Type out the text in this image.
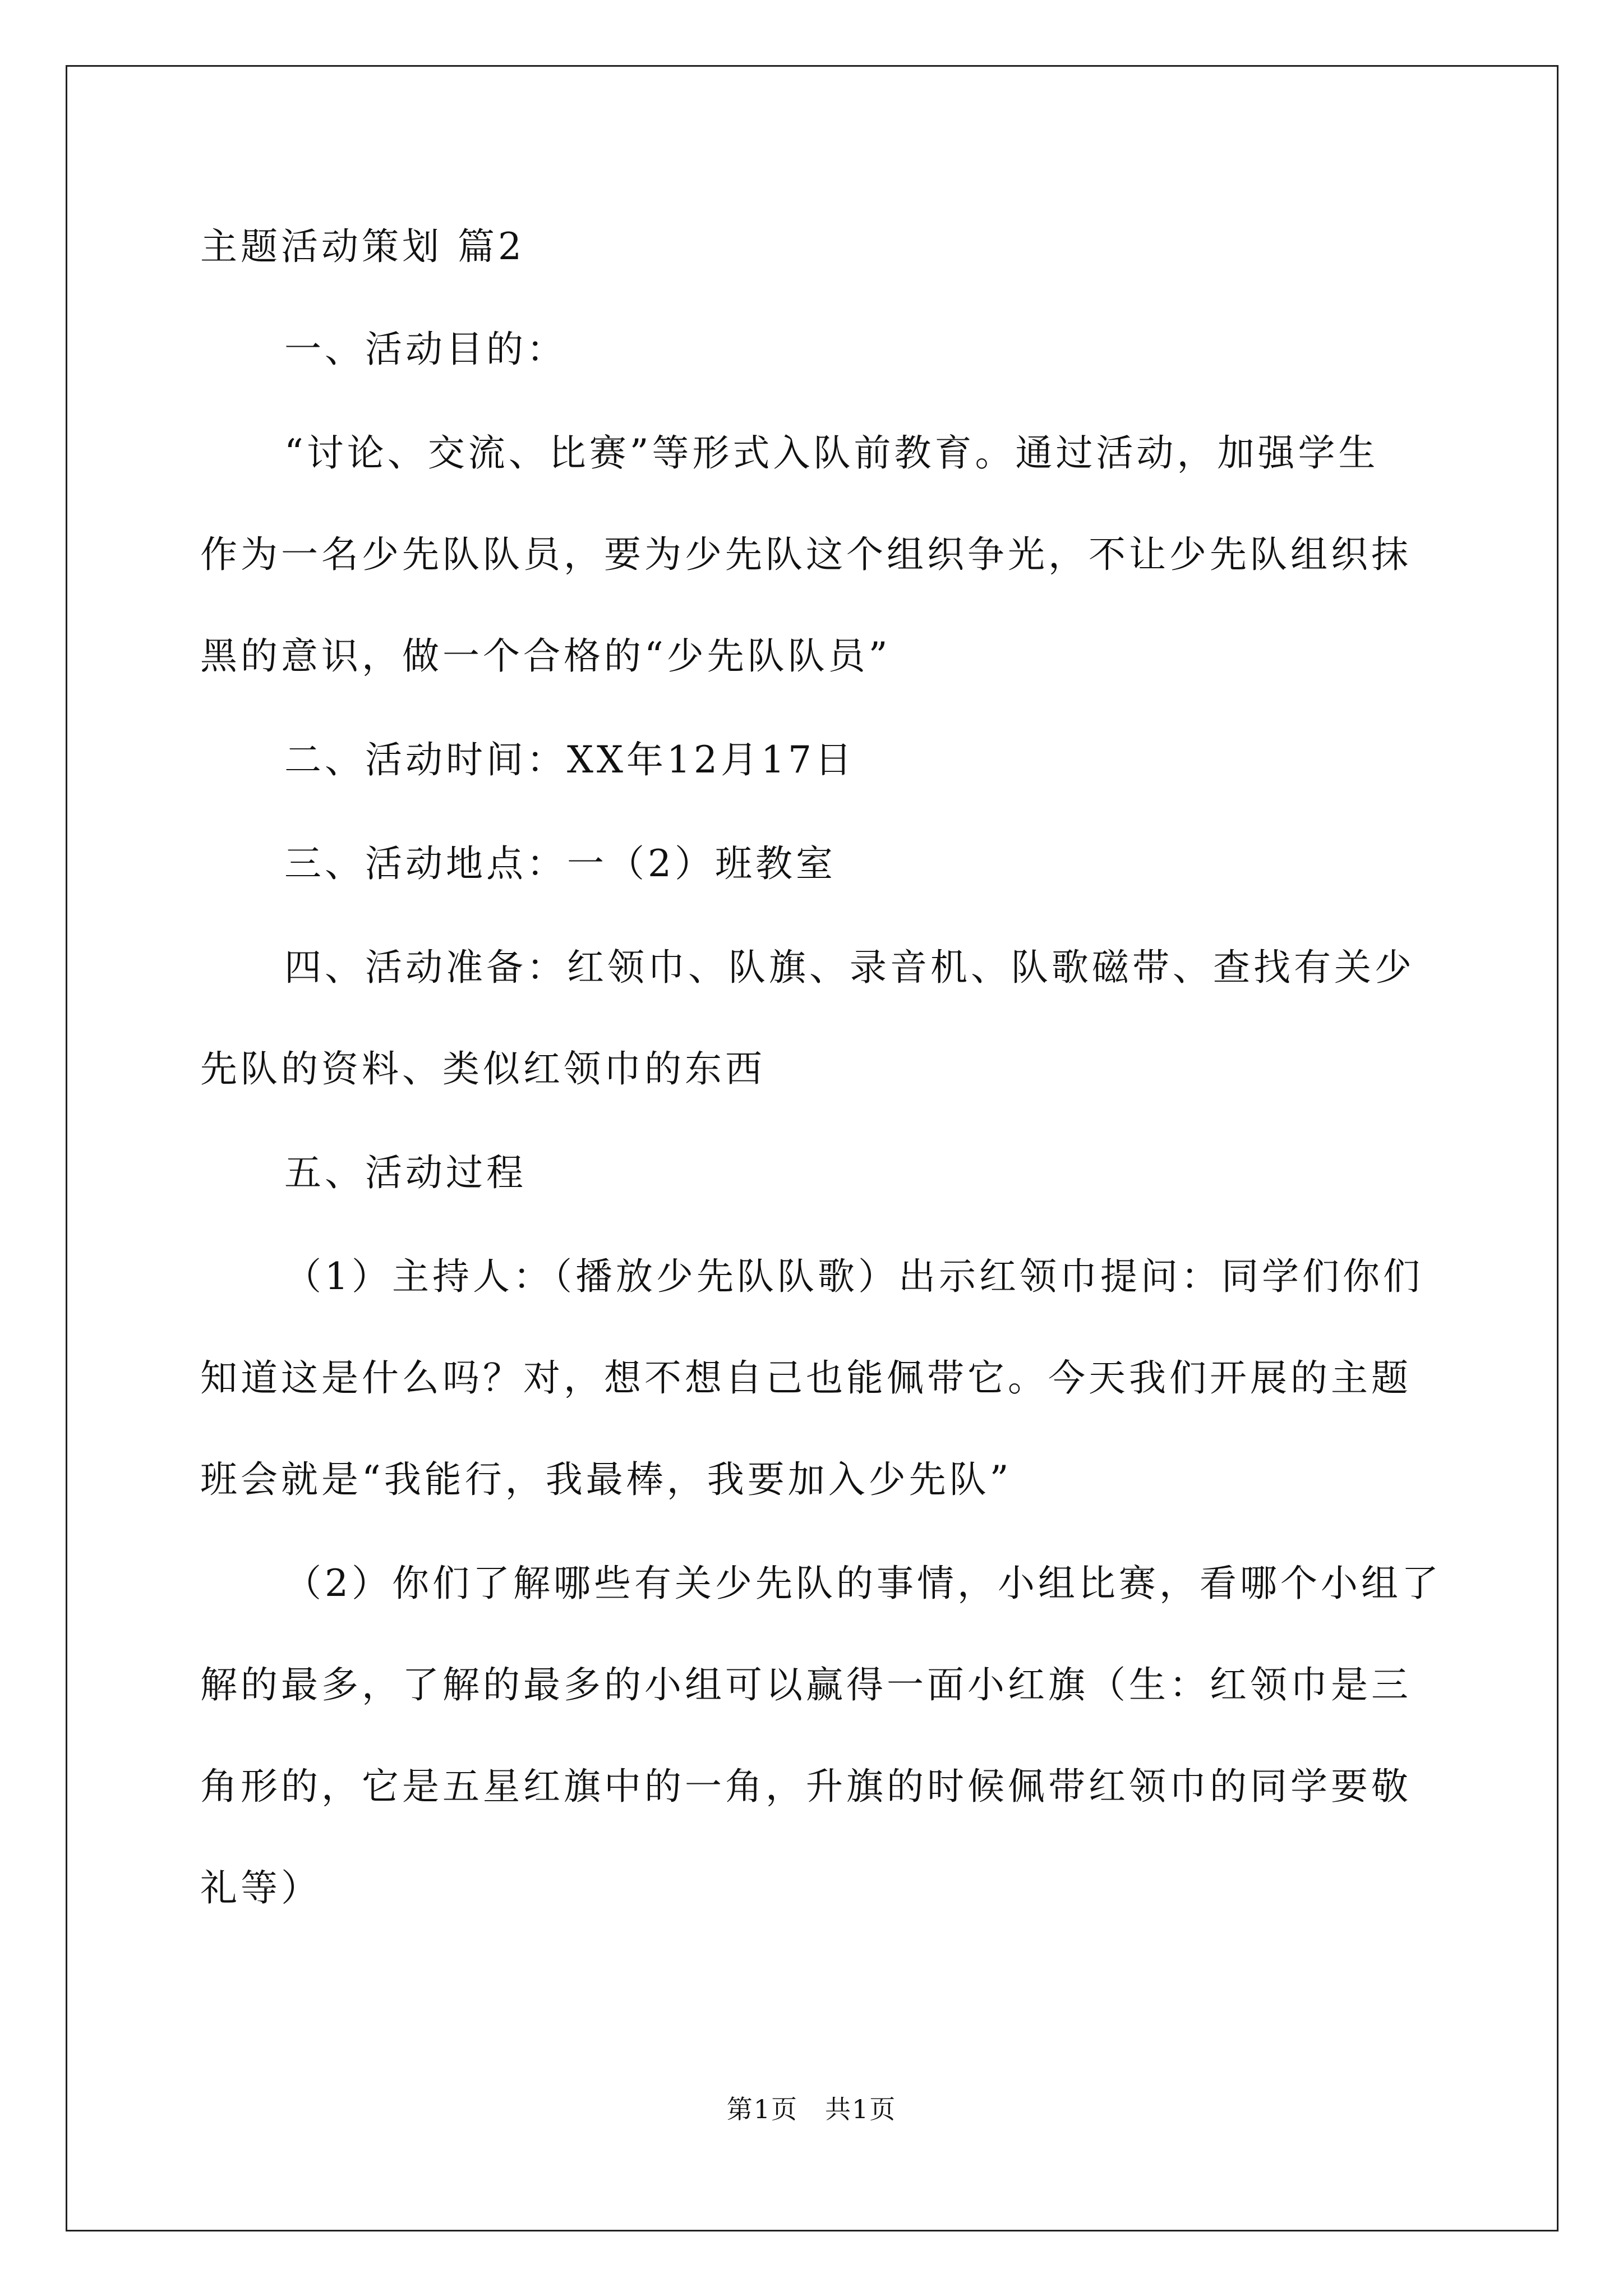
主题活动策划 篇2
一、活动目的：
“讨论、交流、比赛”等形式入队前教育。通过活动，加强学生
作为一名少先队队员，要为少先队这个组织争光，不让少先队组织抹
黑的意识，做一个合格的“少先队队员”
二、活动时间：XX年12月17日
三、活动地点：一（2）班教室
四、活动准备：红领巾、队旗、录音机、队歌磁带、查找有关少
先队的资料、类似红领巾的东西
五、活动过程
（1）主持人：（播放少先队队歌）出示红领巾提问：同学们你们
知道这是什么吗？对，想不想自己也能佩带它。今天我们开展的主题
班会就是“我能行，我最棒，我要加入少先队”
（2）你们了解哪些有关少先队的事情，小组比赛，看哪个小组了
解的最多，了解的最多的小组可以赢得一面小红旗（生：红领巾是三
角形的，它是五星红旗中的一角，升旗的时候佩带红领巾的同学要敬
礼等）
第1页　共1页
